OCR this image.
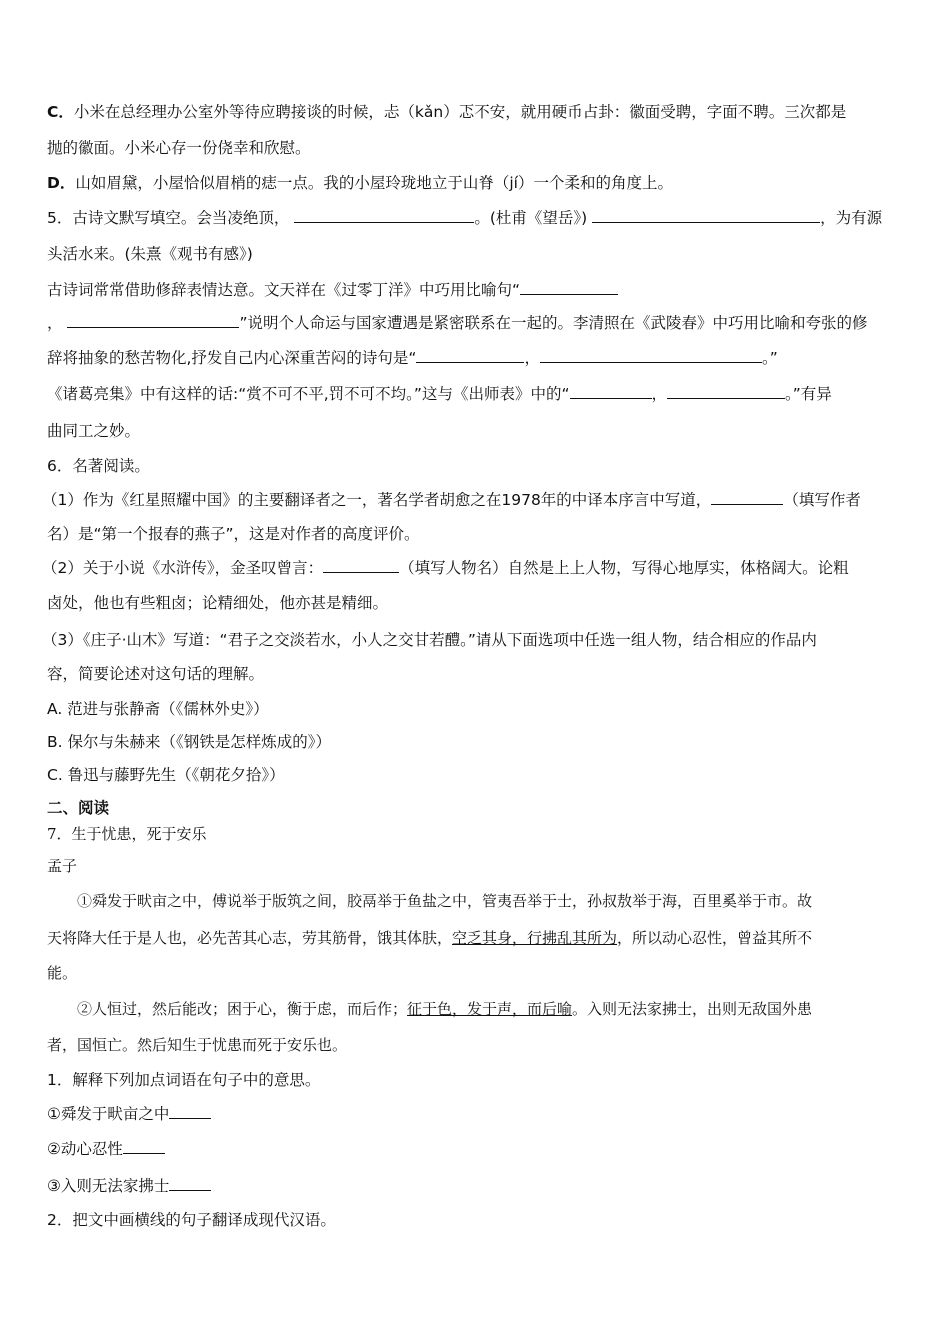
C．小米在总经理办公室外等待应聘接谈的时候，忐（kǎn）忑不安，就用硬币占卦：徽面受聘，字面不聘。三次都是
抛的徽面。小米心存一份侥幸和欣慰。
D．山如眉黛，小屋恰似眉梢的痣一点。我的小屋玲珑地立于山脊（jí）一个柔和的角度上。
5．古诗文默写填空。会当凌绝顶，	。(杜甫《望岳》)	，为有源
头活水来。(朱熹《观书有感》)
古诗词常常借助修辞表情达意。文天祥在《过零丁洋》中巧用比喻句“
，	”说明个人命运与国家遭遇是紧密联系在一起的。李清照在《武陵春》中巧用比喻和夸张的修
辞将抽象的愁苦物化,抒发自己内心深重苦闷的诗句是“	，	。”
《诸葛亮集》中有这样的话:“赏不可不平,罚不可不均。”这与《出师表》中的“	，	。”有异
曲同工之妙。
6．名著阅读。
（1）作为《红星照耀中国》的主要翻译者之一，著名学者胡愈之在1978年的中译本序言中写道，	（填写作者
名）是“第一个报春的燕子”，这是对作者的高度评价。
（2）关于小说《水浒传》，金圣叹曾言：	（填写人物名）自然是上上人物，写得心地厚实，体格阔大。论粗
卤处，他也有些粗卤；论精细处，他亦甚是精细。
（3）《庄子·山木》写道：“君子之交淡若水，小人之交甘若醴。”请从下面选项中任选一组人物，结合相应的作品内
容，简要论述对这句话的理解。
A. 范进与张静斋（《儒林外史》）
B. 保尔与朱赫来（《钢铁是怎样炼成的》）
C. 鲁迅与藤野先生（《朝花夕拾》）
二、阅读
7．生于忧患，死于安乐
孟子
①舜发于畎亩之中，傅说举于版筑之间，胶鬲举于鱼盐之中，管夷吾举于士，孙叔敖举于海，百里奚举于市。故
天将降大任于是人也，必先苦其心志，劳其筋骨，饿其体肤，空乏其身，行拂乱其所为，所以动心忍性，曾益其所不
能。
②人恒过，然后能改；困于心，衡于虑，而后作；征于色，发于声，而后喻。入则无法家拂士，出则无敌国外患
者，国恒亡。然后知生于忧患而死于安乐也。
1．解释下列加点词语在句子中的意思。
①舜发于畎亩之中
②动心忍性
③入则无法家拂士
2．把文中画横线的句子翻译成现代汉语。
